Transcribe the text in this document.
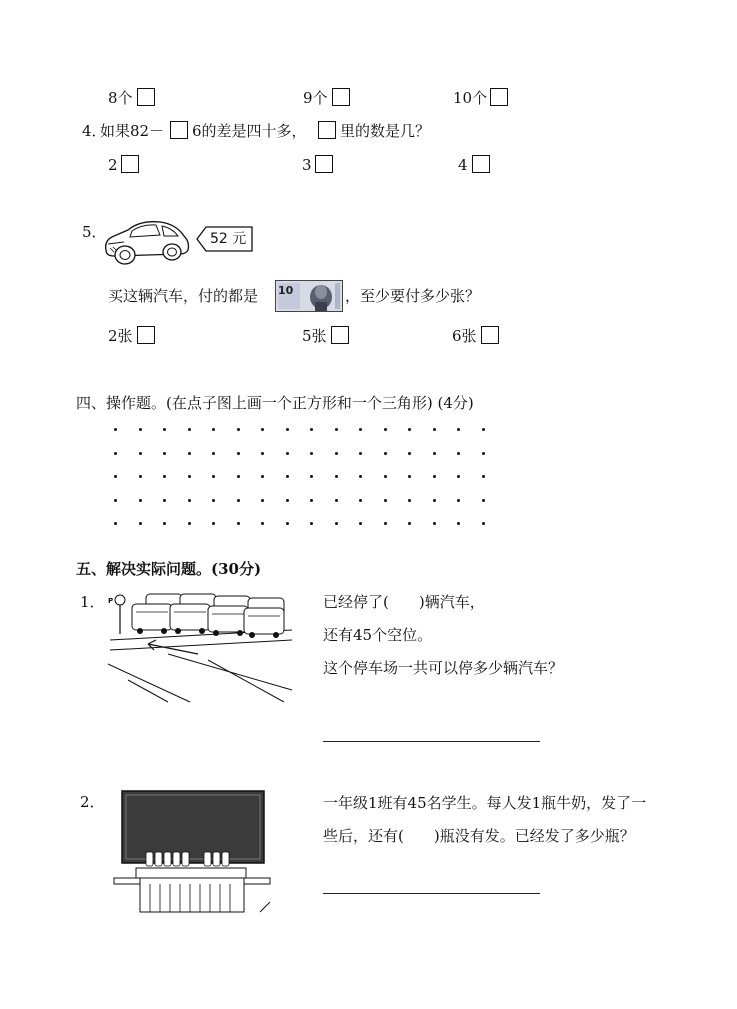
8个	9个	10个
4．
如果82－ 6的差是四十多， 里的数是几？
2	3	4
5．	52 元
买这辆汽车，付的都是 10	，至少要付多少张？
2张	5张	6张
四、操作题。(在点子图上画一个正方形和一个三角形) (4分)
五、解决实际问题。(30分)
1． P	已经停了(　　)辆汽车，
还有45个空位。
这个停车场一共可以停多少辆汽车？
2．	一年级1班有45名学生。每人发1瓶牛奶，发了一
些后，还有(　　)瓶没有发。已经发了多少瓶？
